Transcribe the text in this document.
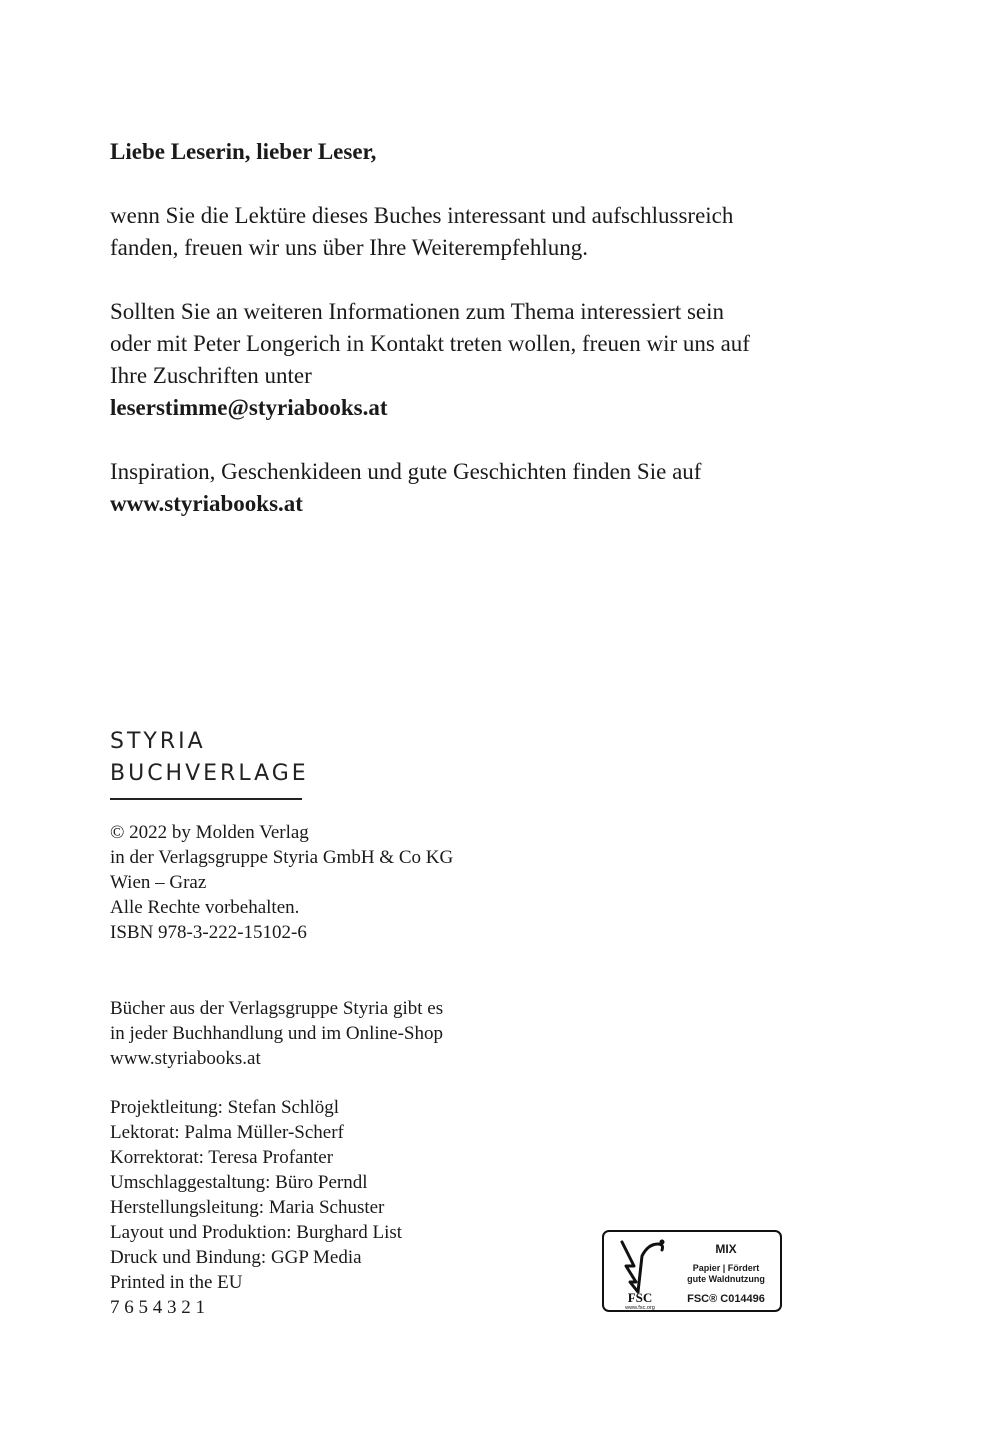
Liebe Leserin, lieber Leser,

wenn Sie die Lektüre dieses Buches interessant und aufschlussreich

fanden, freuen wir uns über Ihre Weiterempfehlung.

Sollten Sie an weiteren Informationen zum Thema interessiert sein

oder mit Peter Longerich in Kontakt treten wollen, freuen wir uns auf

Ihre Zuschriften unter

leserstimme@styriabooks.at

Inspiration, Geschenkideen und gute Geschichten finden Sie auf

www.styriabooks.at

STYRIA
BUCHVERLAGE
© 2022 by Molden Verlag
in der Verlagsgruppe Styria GmbH & Co KG
Wien – Graz
Alle Rechte vorbehalten.
ISBN 978-3-222-15102-6
Bücher aus der Verlagsgruppe Styria gibt es
in jeder Buchhandlung und im Online-Shop
www.styriabooks.at
Projektleitung: Stefan Schlögl
Lektorat: Palma Müller-Scherf
Korrektorat: Teresa Profanter
Umschlaggestaltung: Büro Perndl
Herstellungsleitung: Maria Schuster
Layout und Produktion: Burghard List
Druck und Bindung: GGP Media
Printed in the EU
7 6 5 4 3 2 1	FSC
www.fsc.org
MIX
Papier | Fördert
gute Waldnutzung
FSC® C014496
